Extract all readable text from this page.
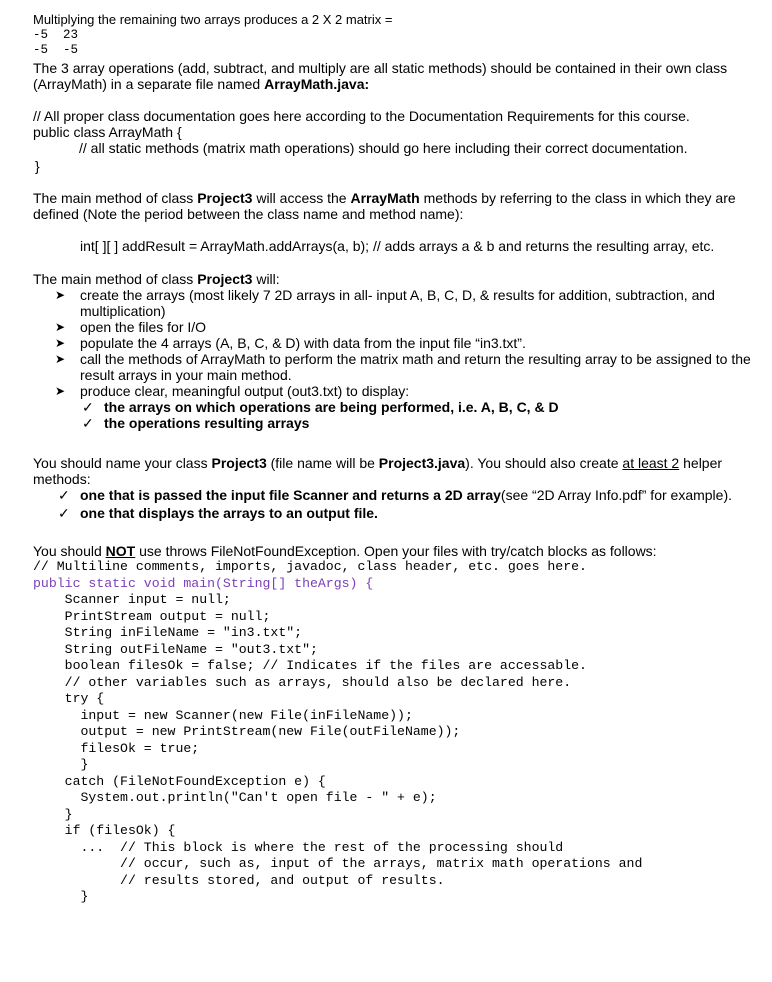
Multiplying the remaining two arrays produces a 2 X 2 matrix =

-5  23

-5  -5

The 3 array operations (add, subtract, and multiply are all static methods) should be contained in their own class (ArrayMath) in a separate file named ArrayMath.java:

// All proper class documentation goes here according to the Documentation Requirements for this course.

public class ArrayMath {

// all static methods (matrix math operations) should go here including their correct documentation.

}

The main method of class Project3 will access the ArrayMath methods by referring to the class in which they are defined (Note the period between the class name and method name):

int[ ][ ] addResult = ArrayMath.addArrays(a, b); // adds arrays a & b and returns the resulting array, etc.

The main method of class Project3 will:

➤ create the arrays (most likely 7 2D arrays in all- input A, B, C, D, & results for addition, subtraction, and multiplication)
➤ open the files for I/O
➤ populate the 4 arrays (A, B, C, & D) with data from the input file “in3.txt”.
➤ call the methods of ArrayMath to perform the matrix math and return the resulting array to be assigned to the result arrays in your main method.
➤ produce clear, meaningful output (out3.txt) to display:
✓ the arrays on which operations are being performed, i.e. A, B, C, & D
✓ the operations resulting arrays

You should name your class Project3 (file name will be Project3.java). You should also create at least 2 helper methods:

✓ one that is passed the input file Scanner and returns a 2D array(see “2D Array Info.pdf” for example).
✓ one that displays the arrays to an output file.

You should NOT use throws FileNotFoundException. Open your files with try/catch blocks as follows:

// Multiline comments, imports, javadoc, class header, etc. goes here.

public static void main(String[] theArgs) {

Scanner input = null;

PrintStream output = null;

String inFileName = "in3.txt";

String outFileName = "out3.txt";

boolean filesOk = false; // Indicates if the files are accessable.

// other variables such as arrays, should also be declared here.

try {

input = new Scanner(new File(inFileName));

output = new PrintStream(new File(outFileName));

filesOk = true;

}

catch (FileNotFoundException e) {

System.out.println("Can't open file - " + e);

}

if (filesOk) {

...  // This block is where the rest of the processing should

// occur, such as, input of the arrays, matrix math operations and

// results stored, and output of results.

}
